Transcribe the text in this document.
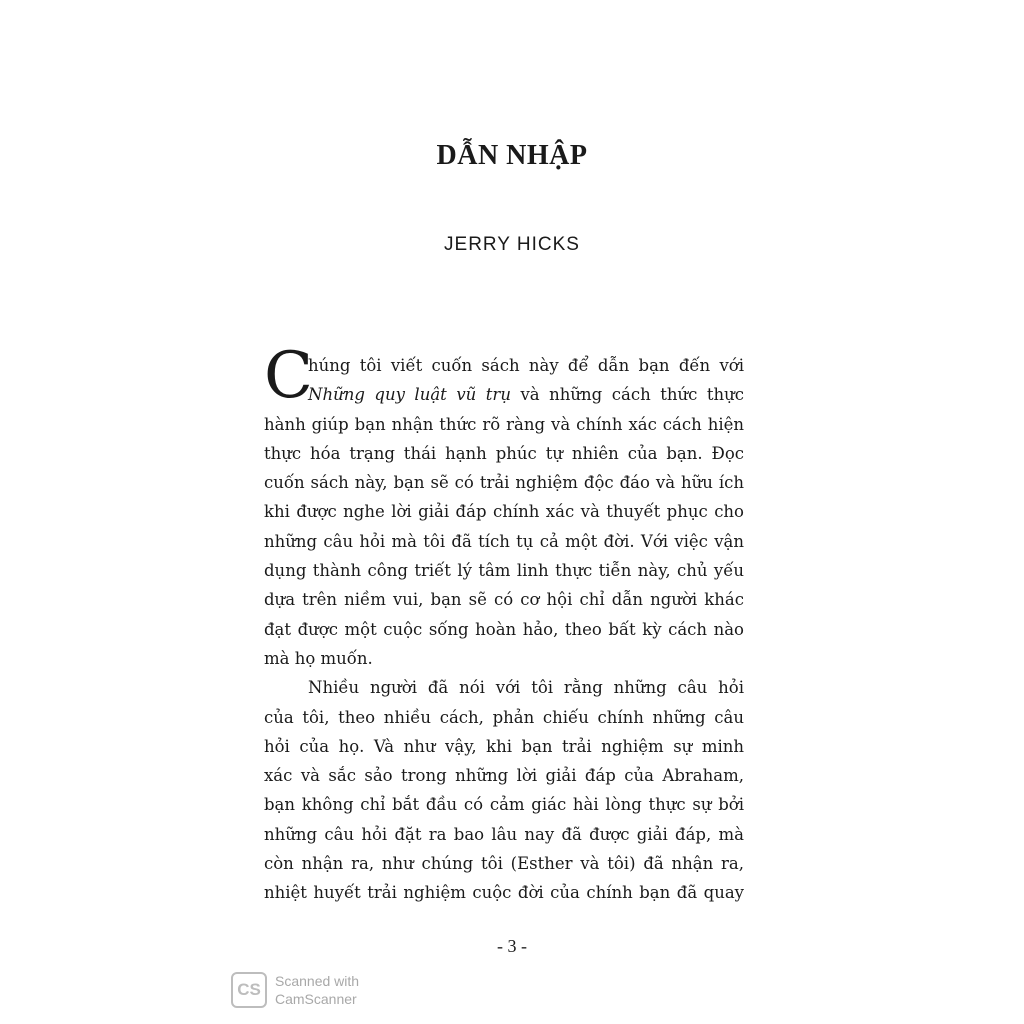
DẪN NHẬP
JERRY HICKS
C
húng tôi viết cuốn sách này để dẫn bạn đến với
Những quy luật vũ trụ và những cách thức thực
hành giúp bạn nhận thức rõ ràng và chính xác cách hiện
thực hóa trạng thái hạnh phúc tự nhiên của bạn. Đọc
cuốn sách này, bạn sẽ có trải nghiệm độc đáo và hữu ích
khi được nghe lời giải đáp chính xác và thuyết phục cho
những câu hỏi mà tôi đã tích tụ cả một đời. Với việc vận
dụng thành công triết lý tâm linh thực tiễn này, chủ yếu
dựa trên niềm vui, bạn sẽ có cơ hội chỉ dẫn người khác
đạt được một cuộc sống hoàn hảo, theo bất kỳ cách nào
mà họ muốn.
Nhiều người đã nói với tôi rằng những câu hỏi
của tôi, theo nhiều cách, phản chiếu chính những câu
hỏi của họ. Và như vậy, khi bạn trải nghiệm sự minh
xác và sắc sảo trong những lời giải đáp của Abraham,
bạn không chỉ bắt đầu có cảm giác hài lòng thực sự bởi
những câu hỏi đặt ra bao lâu nay đã được giải đáp, mà
còn nhận ra, như chúng tôi (Esther và tôi) đã nhận ra,
nhiệt huyết trải nghiệm cuộc đời của chính bạn đã quay
- 3 -
CS	Scanned with
CamScanner
